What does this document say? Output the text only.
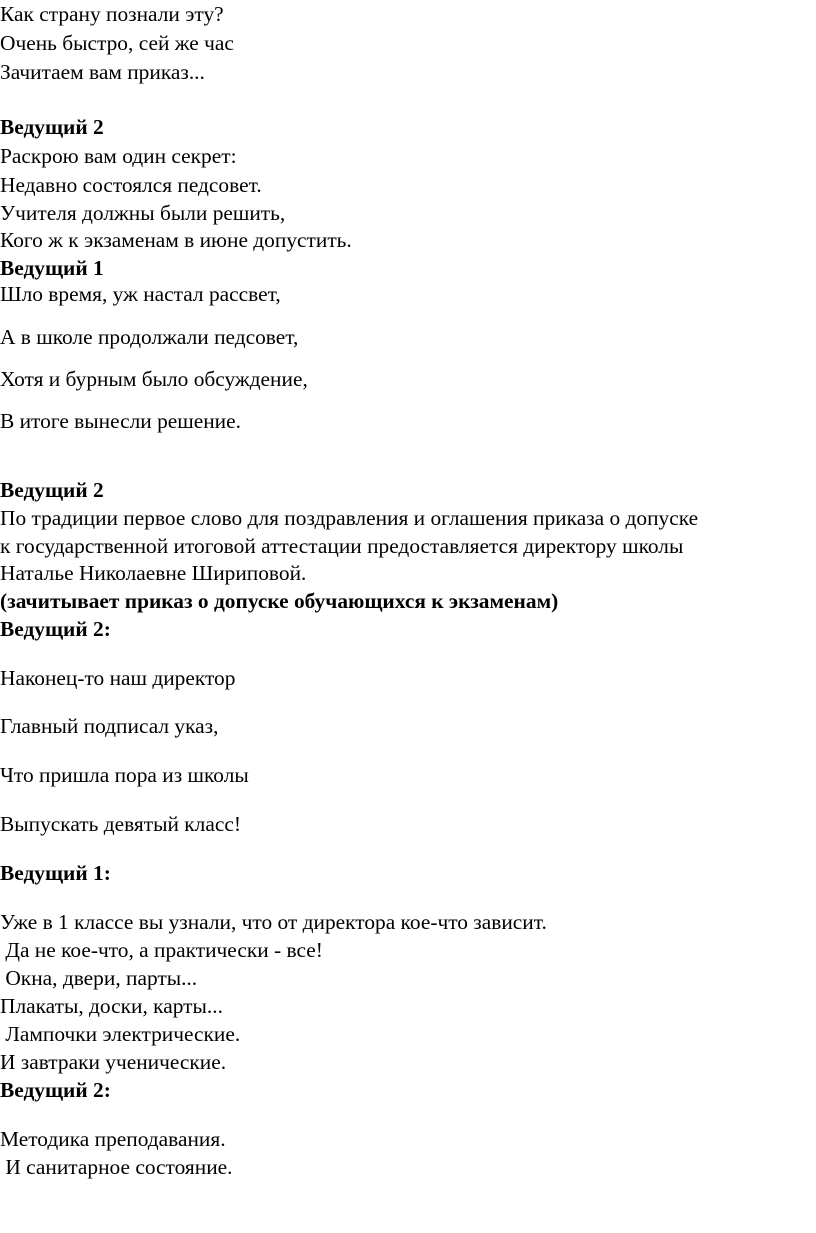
Как страну познали эту?

Очень быстро, сей же час

Зачитаем вам приказ...

Ведущий 2

Раскрою вам один секрет:

Недавно состоялся педсовет.

Учителя должны были решить,

Кого ж к экзаменам в июне допустить.

Ведущий 1

Шло время, уж настал рассвет,

А в школе продолжали педсовет,

Хотя и бурным было обсуждение,

В итоге вынесли решение.

Ведущий 2

По традиции первое слово для поздравления и оглашения приказа о допуске

к государственной итоговой аттестации предоставляется директору школы

Наталье Николаевне Шириповой.

(зачитывает приказ о допуске обучающихся к экзаменам)

Ведущий 2:

Наконец-то наш директор

Главный подписал указ,

Что пришла пора из школы

Выпускать девятый класс!

Ведущий 1:

Уже в 1 классе вы узнали, что от директора кое-что зависит.

Да не кое-что, а практически - все!

Окна, двери, парты...

Плакаты, доски, карты...

Лампочки электрические.

И завтраки ученические.

Ведущий 2:

Методика преподавания.

И санитарное состояние.
